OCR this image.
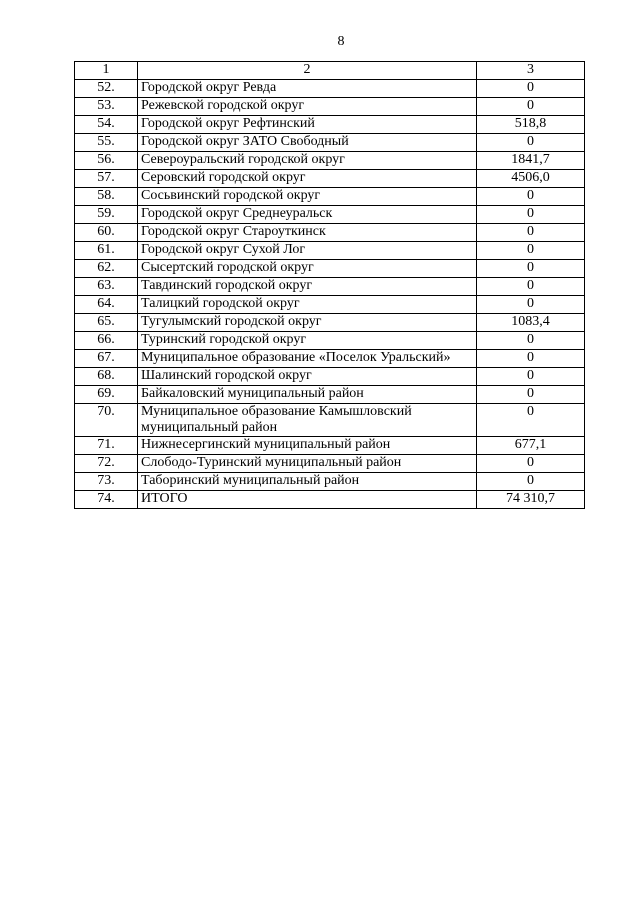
8
1	2	3
52.	Городской округ Ревда	0
53.	Режевской городской округ	0
54.	Городской округ Рефтинский	518,8
55.	Городской округ ЗАТО Свободный	0
56.	Североуральский городской округ	1841,7
57.	Серовский городской округ	4506,0
58.	Сосьвинский городской округ	0
59.	Городской округ Среднеуральск	0
60.	Городской округ Староуткинск	0
61.	Городской округ Сухой Лог	0
62.	Сысертский городской округ	0
63.	Тавдинский городской округ	0
64.	Талицкий городской округ	0
65.	Тугулымский городской округ	1083,4
66.	Туринский городской округ	0
67.	Муниципальное образование «Поселок Уральский»	0
68.	Шалинский городской округ	0
69.	Байкаловский муниципальный район	0
70.	Муниципальное образование Камышловский муниципальный район	0
71.	Нижнесергинский муниципальный район	677,1
72.	Слободо-Туринский муниципальный район	0
73.	Таборинский муниципальный район	0
74.	ИТОГО	74 310,7
